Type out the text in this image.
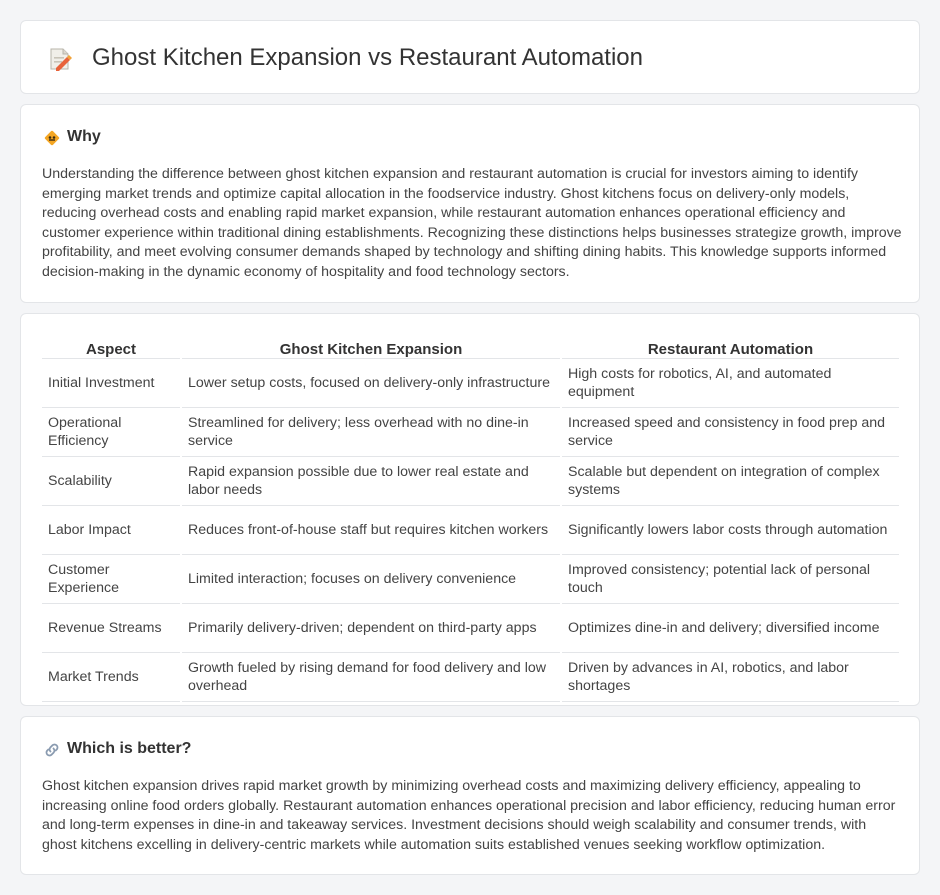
Ghost Kitchen Expansion vs Restaurant Automation
Why

Understanding the difference between ghost kitchen expansion and restaurant automation is crucial for investors aiming to identify emerging market trends and optimize capital allocation in the foodservice industry. Ghost kitchens focus on delivery-only models, reducing overhead costs and enabling rapid market expansion, while restaurant automation enhances operational efficiency and customer experience within traditional dining establishments. Recognizing these distinctions helps businesses strategize growth, improve profitability, and meet evolving consumer demands shaped by technology and shifting dining habits. This knowledge supports informed decision-making in the dynamic economy of hospitality and food technology sectors.

Aspect		Ghost Kitchen Expansion		Restaurant Automation
Initial Investment		Lower setup costs, focused on delivery-only infrastructure		High costs for robotics, AI, and automated equipment
Operational Efficiency		Streamlined for delivery; less overhead with no dine-in service		Increased speed and consistency in food prep and service
Scalability		Rapid expansion possible due to lower real estate and labor needs		Scalable but dependent on integration of complex systems
Labor Impact		Reduces front-of-house staff but requires kitchen workers		Significantly lowers labor costs through automation
Customer Experience		Limited interaction; focuses on delivery convenience		Improved consistency; potential lack of personal touch
Revenue Streams		Primarily delivery-driven; dependent on third-party apps		Optimizes dine-in and delivery; diversified income
Market Trends		Growth fueled by rising demand for food delivery and low overhead		Driven by advances in AI, robotics, and labor shortages
Which is better?

Ghost kitchen expansion drives rapid market growth by minimizing overhead costs and maximizing delivery efficiency, appealing to increasing online food orders globally. Restaurant automation enhances operational precision and labor efficiency, reducing human error and long-term expenses in dine-in and takeaway services. Investment decisions should weigh scalability and consumer trends, with ghost kitchens excelling in delivery-centric markets while automation suits established venues seeking workflow optimization.
